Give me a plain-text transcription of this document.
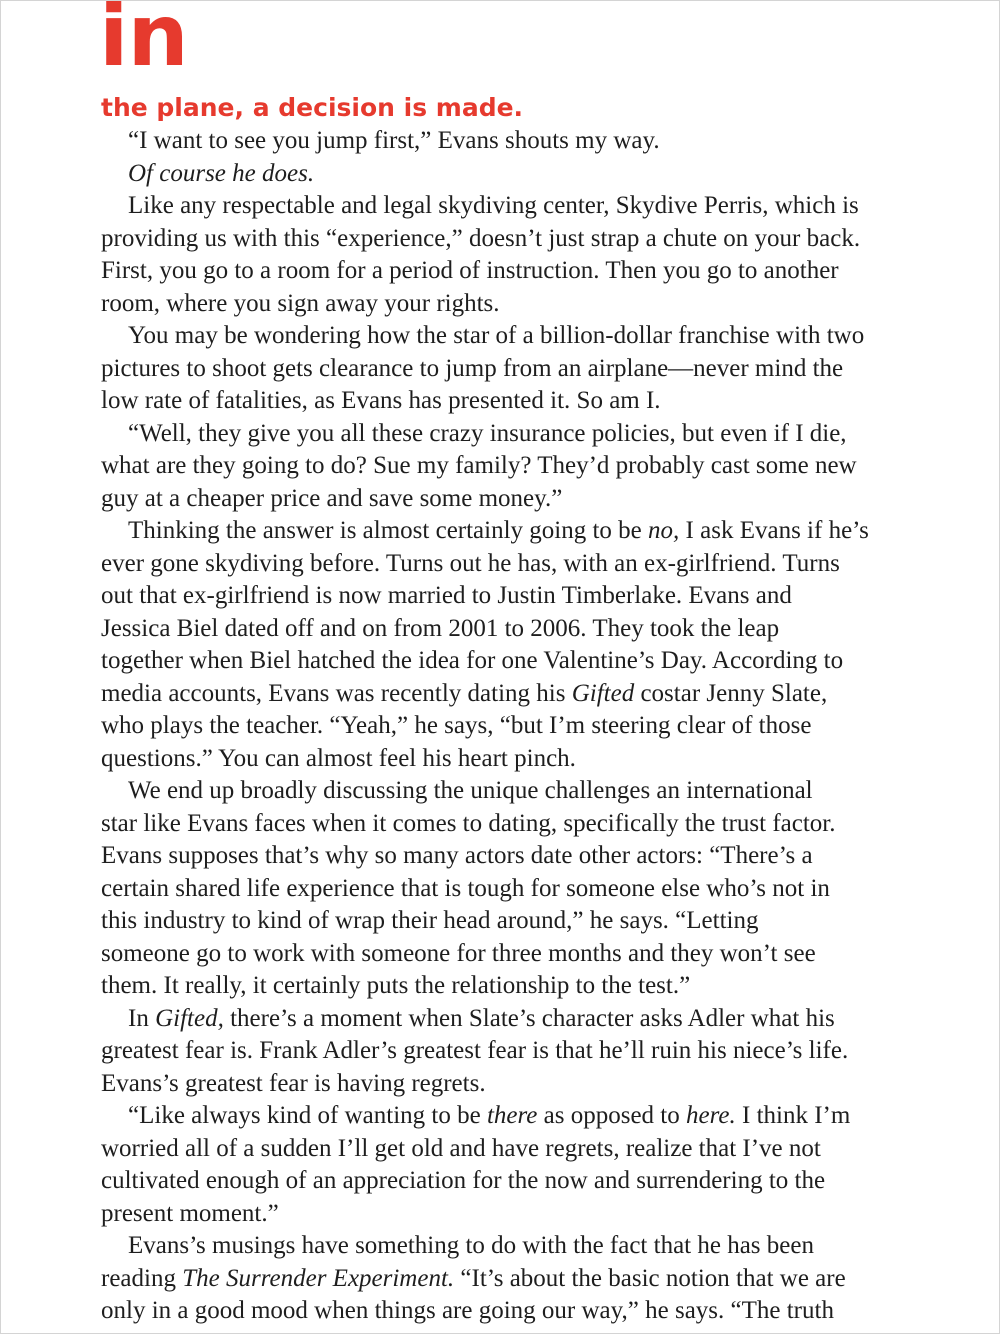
in

the plane, a decision is made.

“I want to see you jump first,” Evans shouts my way.

Of course he does.

Like any respectable and legal skydiving center, Skydive Perris, which is
providing us with this “experience,” doesn’t just strap a chute on your back.
First, you go to a room for a period of instruction. Then you go to another
room, where you sign away your rights.

You may be wondering how the star of a billion-dollar franchise with two
pictures to shoot gets clearance to jump from an airplane—never mind the
low rate of fatalities, as Evans has presented it. So am I.

“Well, they give you all these crazy insurance policies, but even if I die,
what are they going to do? Sue my family? They’d probably cast some new
guy at a cheaper price and save some money.”

Thinking the answer is almost certainly going to be no, I ask Evans if he’s
ever gone skydiving before. Turns out he has, with an ex-girlfriend. Turns
out that ex-girlfriend is now married to Justin Timberlake. Evans and
Jessica Biel dated off and on from 2001 to 2006. They took the leap
together when Biel hatched the idea for one Valentine’s Day. According to
media accounts, Evans was recently dating his Gifted costar Jenny Slate,
who plays the teacher. “Yeah,” he says, “but I’m steering clear of those
questions.” You can almost feel his heart pinch.

We end up broadly discussing the unique challenges an international
star like Evans faces when it comes to dating, specifically the trust factor.
Evans supposes that’s why so many actors date other actors: “There’s a
certain shared life experience that is tough for someone else who’s not in
this industry to kind of wrap their head around,” he says. “Letting
someone go to work with someone for three months and they won’t see
them. It really, it certainly puts the relationship to the test.”

In Gifted, there’s a moment when Slate’s character asks Adler what his
greatest fear is. Frank Adler’s greatest fear is that he’ll ruin his niece’s life.
Evans’s greatest fear is having regrets.

“Like always kind of wanting to be there as opposed to here. I think I’m
worried all of a sudden I’ll get old and have regrets, realize that I’ve not
cultivated enough of an appreciation for the now and surrendering to the
present moment.”

Evans’s musings have something to do with the fact that he has been
reading The Surrender Experiment. “It’s about the basic notion that we are
only in a good mood when things are going our way,” he says. “The truth
